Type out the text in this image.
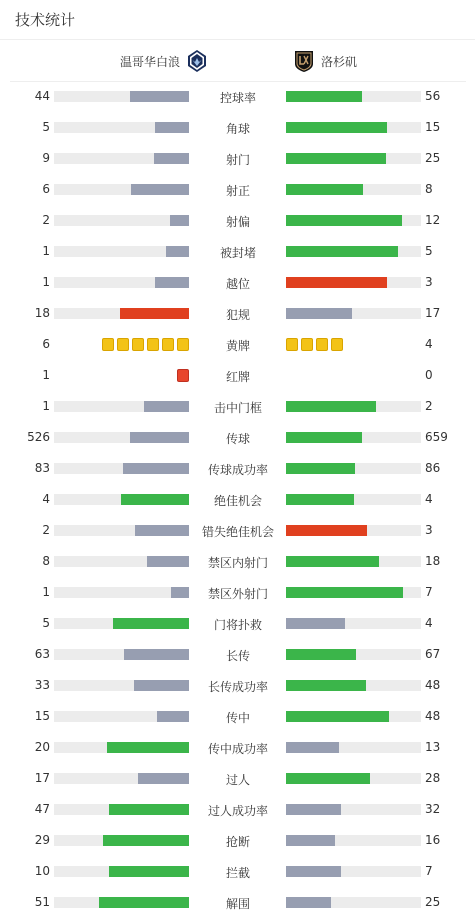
技术统计
温哥华白浪	洛杉矶
44	控球率	56
5	角球	15
9	射门	25
6	射正	8
2	射偏	12
1	被封堵	5
1	越位	3
18	犯规	17
6	黄牌	4
1	红牌	0
1	击中门框	2
526	传球	659
83	传球成功率	86
4	绝佳机会	4
2	错失绝佳机会	3
8	禁区内射门	18
1	禁区外射门	7
5	门将扑救	4
63	长传	67
33	长传成功率	48
15	传中	48
20	传中成功率	13
17	过人	28
47	过人成功率	32
29	抢断	16
10	拦截	7
51	解围	25
